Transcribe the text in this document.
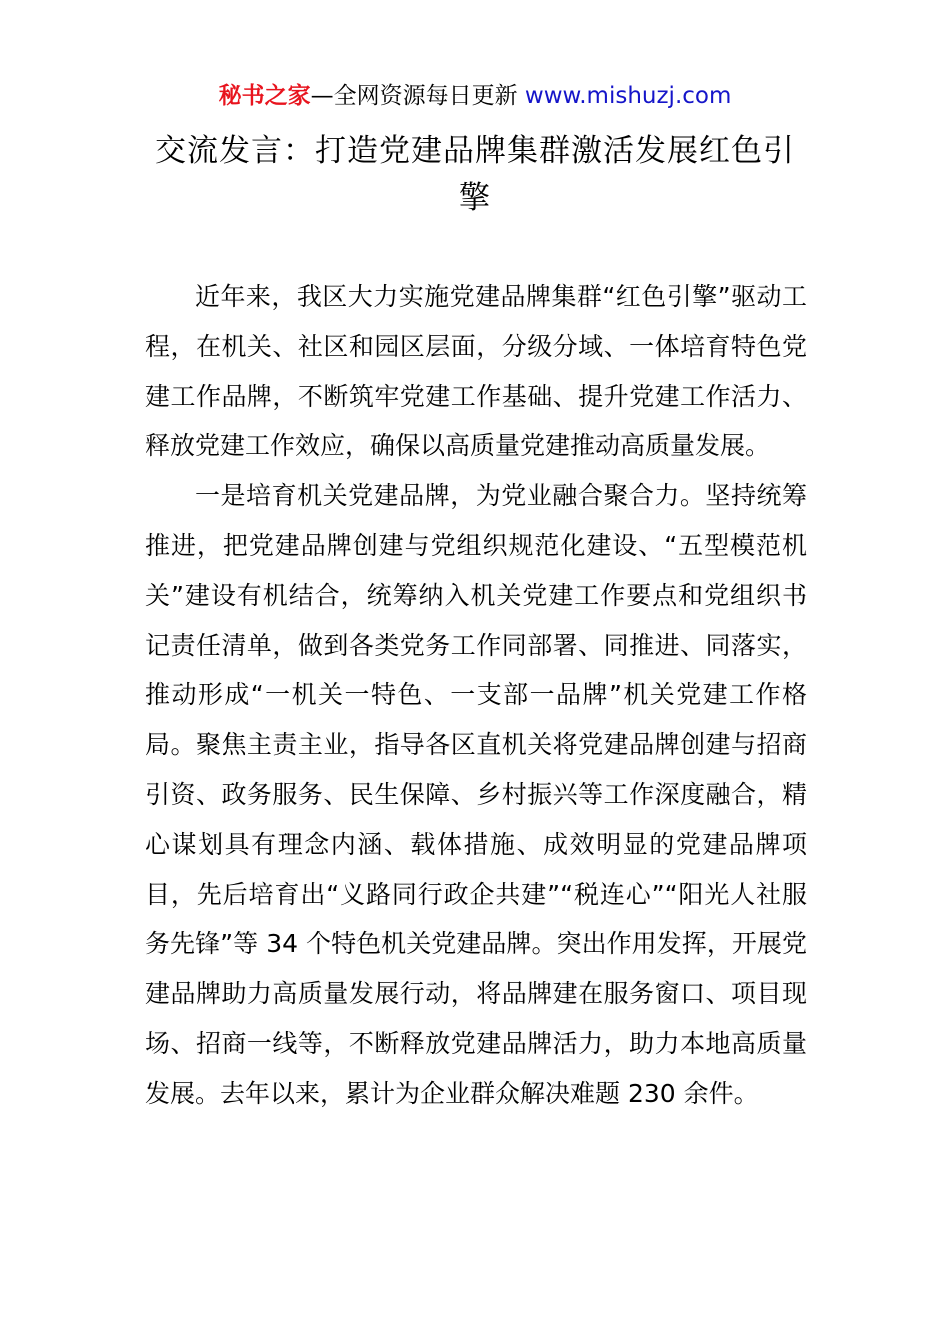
秘书之家—全网资源每日更新 www.mishuzj.com
交流发言：打造党建品牌集群激活发展红色引擎

近年来，我区大力实施党建品牌集群“红色引擎”驱动工程，在机关、社区和园区层面，分级分域、一体培育特色党建工作品牌，不断筑牢党建工作基础、提升党建工作活力、释放党建工作效应，确保以高质量党建推动高质量发展。

一是培育机关党建品牌，为党业融合聚合力。坚持统筹推进，把党建品牌创建与党组织规范化建设、“五型模范机关”建设有机结合，统筹纳入机关党建工作要点和党组织书记责任清单，做到各类党务工作同部署、同推进、同落实，推动形成“一机关一特色、一支部一品牌”机关党建工作格局。聚焦主责主业，指导各区直机关将党建品牌创建与招商引资、政务服务、民生保障、乡村振兴等工作深度融合，精心谋划具有理念内涵、载体措施、成效明显的党建品牌项目，先后培育出“义路同行政企共建”“税连心”“阳光人社服务先锋”等 34 个特色机关党建品牌。突出作用发挥，开展党建品牌助力高质量发展行动，将品牌建在服务窗口、项目现场、招商一线等，不断释放党建品牌活力，助力本地高质量发展。去年以来，累计为企业群众解决难题 230 余件。
